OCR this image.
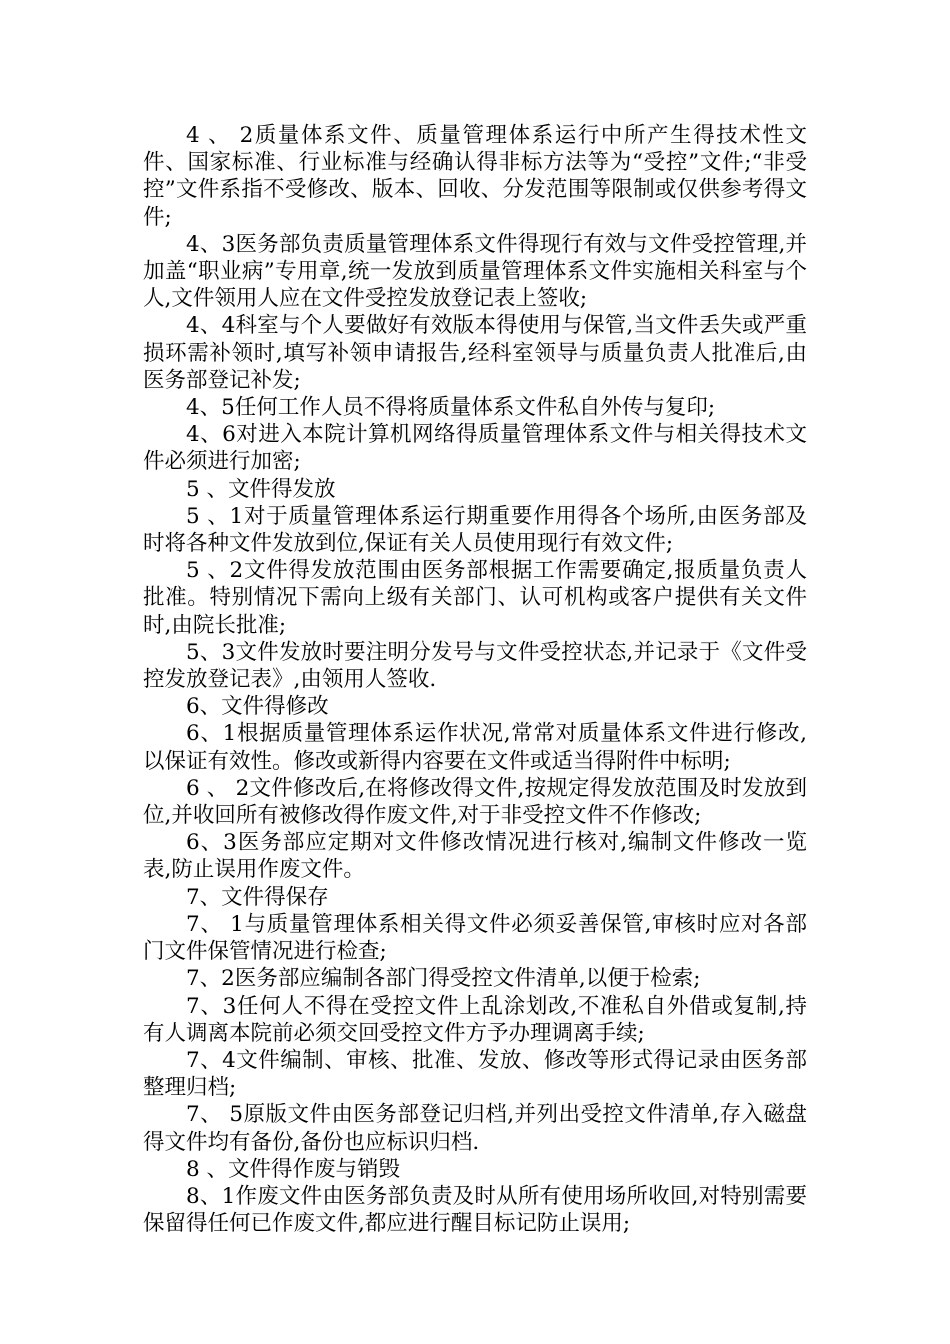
4 、 2质量体系文件、质量管理体系运行中所产生得技术性文件、国家标准、行业标准与经确认得非标方法等为“受控”文件;“非受控”文件系指不受修改、版本、回收、分发范围等限制或仅供参考得文件;

4、3医务部负责质量管理体系文件得现行有效与文件受控管理,并加盖“职业病”专用章,统一发放到质量管理体系文件实施相关科室与个人,文件领用人应在文件受控发放登记表上签收;

4、4科室与个人要做好有效版本得使用与保管,当文件丢失或严重损环需补领时,填写补领申请报告,经科室领导与质量负责人批准后,由医务部登记补发;

4、5任何工作人员不得将质量体系文件私自外传与复印;

4、6对进入本院计算机网络得质量管理体系文件与相关得技术文件必须进行加密;

5 、文件得发放

5 、1对于质量管理体系运行期重要作用得各个场所,由医务部及时将各种文件发放到位,保证有关人员使用现行有效文件;

5 、2文件得发放范围由医务部根据工作需要确定,报质量负责人批准。特别情况下需向上级有关部门、认可机构或客户提供有关文件时,由院长批准;

5、3文件发放时要注明分发号与文件受控状态,并记录于《文件受控发放登记表》,由领用人签收.

6、文件得修改

6、1根据质量管理体系运作状况,常常对质量体系文件进行修改,以保证有效性。修改或新得内容要在文件或适当得附件中标明;

6 、 2文件修改后,在将修改得文件,按规定得发放范围及时发放到位,并收回所有被修改得作废文件,对于非受控文件不作修改;

6、3医务部应定期对文件修改情况进行核对,编制文件修改一览表,防止误用作废文件。

7、文件得保存

7、 1与质量管理体系相关得文件必须妥善保管,审核时应对各部门文件保管情况进行检查;

7、2医务部应编制各部门得受控文件清单,以便于检索;

7、3任何人不得在受控文件上乱涂划改,不准私自外借或复制,持有人调离本院前必须交回受控文件方予办理调离手续;

7、4文件编制、审核、批准、发放、修改等形式得记录由医务部整理归档;

7、 5原版文件由医务部登记归档,并列出受控文件清单,存入磁盘得文件均有备份,备份也应标识归档.

8 、文件得作废与销毁

8、1作废文件由医务部负责及时从所有使用场所收回,对特别需要保留得任何已作废文件,都应进行醒目标记防止误用;
